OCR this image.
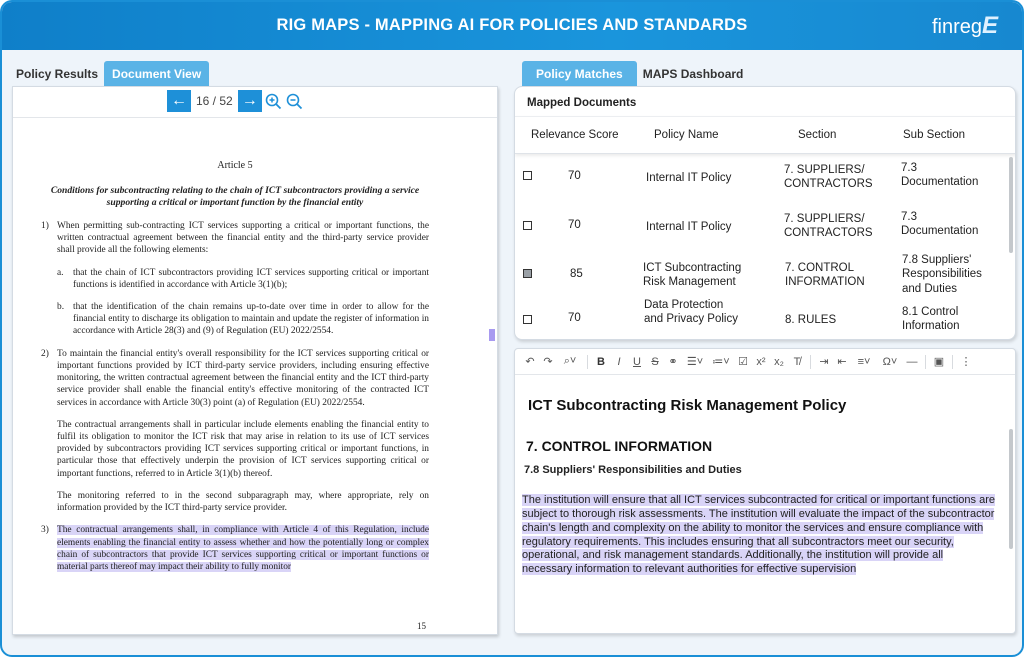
RIG MAPS - MAPPING AI FOR POLICIES AND STANDARDS	finregE
Policy Results	Document View
← 16 / 52 →

Article 5

Conditions for subcontracting relating to the chain of ICT subcontractors providing a service supporting a critical or important function by the financial entity

1) When permitting sub-contracting ICT services supporting a critical or important functions, the written contractual agreement between the financial entity and the third-party service provider shall provide all the following elements:

a.	that the chain of ICT subcontractors providing ICT services supporting critical or important functions is identified in accordance with Article 3(1)(b);

b. that the identification of the chain remains up-to-date over time in order to allow for the financial entity to discharge its obligation to maintain and update the register of information in accordance with Article 28(3) and (9) of Regulation (EU) 2022/2554.

2) To maintain the financial entity's overall responsibility for the ICT services supporting critical or important functions provided by ICT third-party service providers, including ensuring effective monitoring, the written contractual agreement between the financial entity and the ICT third-party service provider shall enable the financial entity's effective monitoring of the contracted ICT services in accordance with Article 30(3) point (a) of Regulation (EU) 2022/2554.

The contractual arrangements shall in particular include elements enabling the financial entity to fulfil its obligation to monitor the ICT risk that may arise in relation to its use of ICT services provided by subcontractors providing ICT services supporting critical or important functions, in particular those that effectively underpin the provision of ICT services supporting critical or important functions, referred to in Article 3(1)(b) thereof.

The monitoring referred to in the second subparagraph may, where appropriate, rely on information provided by the ICT third-party service provider.

3) The contractual arrangements shall, in compliance with Article 4 of this Regulation, include elements enabling the financial entity to assess whether and how the potentially long or complex chain of subcontractors that provide ICT services supporting critical or important functions or material parts thereof may impact their ability to fully monitor

15
Policy Matches	MAPS Dashboard
Mapped Documents
Relevance Score	Policy Name	Section	Sub Section
70	Internal IT Policy
7. SUPPLIERS/ CONTRACTORS
7.3 Documentation
70	Internal IT Policy
7. SUPPLIERS/ CONTRACTORS
7.3 Documentation
85	ICT Subcontracting Risk Management
7. CONTROL INFORMATION
7.8 Suppliers' Responsibilities and Duties
70
Data Protection and Privacy Policy	8. RULES
8.1 Control Information
↶ ↷	⌕˅	B	I	U S ⚭ ☰˅ ≔˅ ☑ x² x₂ T̸	⇥ ⇤ ≡˅	Ω˅ —	▣	⋮
ICT Subcontracting Risk Management Policy
7. CONTROL INFORMATION
7.8 Suppliers' Responsibilities and Duties
The institution will ensure that all ICT services subcontracted for critical or important functions are subject to thorough risk assessments. The institution will evaluate the impact of the subcontractor chain's length and complexity on the ability to monitor the services and ensure compliance with regulatory requirements. This includes ensuring that all subcontractors meet our security, operational, and risk management standards. Additionally, the institution will provide all necessary information to relevant authorities for effective supervision
